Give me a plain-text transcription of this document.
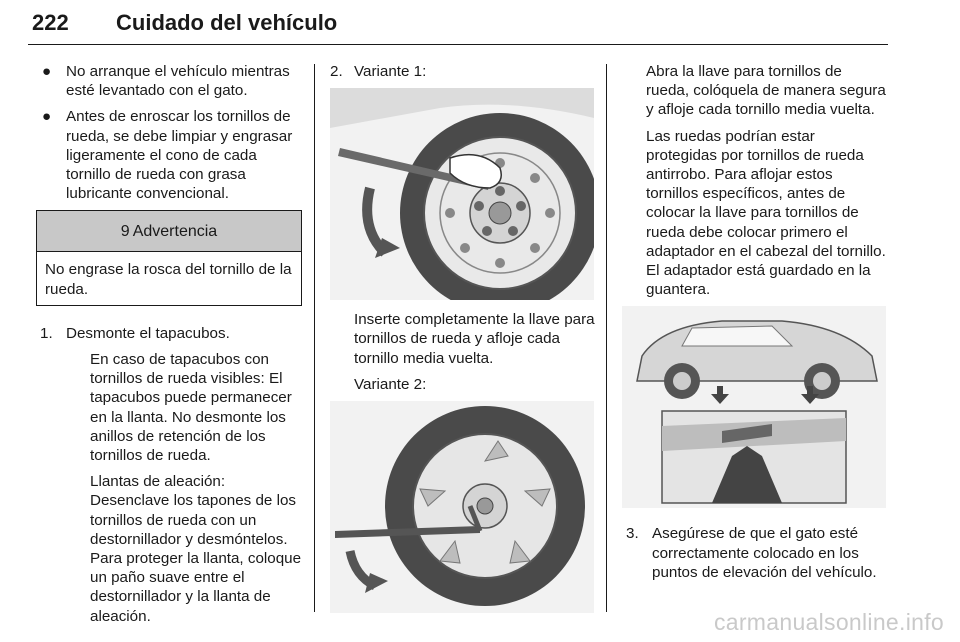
222 Cuidado del vehículo
● No arranque el vehículo mientras esté levantado con el gato.
● Antes de enroscar los tornillos de rueda, se debe limpiar y engrasar ligeramente el cono de cada tornillo de rueda con grasa lubricante convencional.
9 Advertencia
No engrase la rosca del tornillo de la rueda.
1. Desmonte el tapacubos.

En caso de tapacubos con tornillos de rueda visibles: El tapacubos puede permanecer en la llanta. No desmonte los anillos de retención de los tornillos de rueda.

Llantas de aleación: Desenclave los tapones de los tornillos de rueda con un destornillador y desmóntelos. Para proteger la llanta, coloque un paño suave entre el destornillador y la llanta de aleación.

2. Variante 1:

Inserte completamente la llave para tornillos de rueda y afloje cada tornillo media vuelta.

Variante 2:

Abra la llave para tornillos de rueda, colóquela de manera segura y afloje cada tornillo media vuelta.

Las ruedas podrían estar protegidas por tornillos de rueda antirrobo. Para aflojar estos tornillos específicos, antes de colocar la llave para tornillos de rueda debe colocar primero el adaptador en el cabezal del tornillo. El adaptador está guardado en la guantera.

3. Asegúrese de que el gato esté correctamente colocado en los puntos de elevación del vehículo.

carmanualsonline.info
